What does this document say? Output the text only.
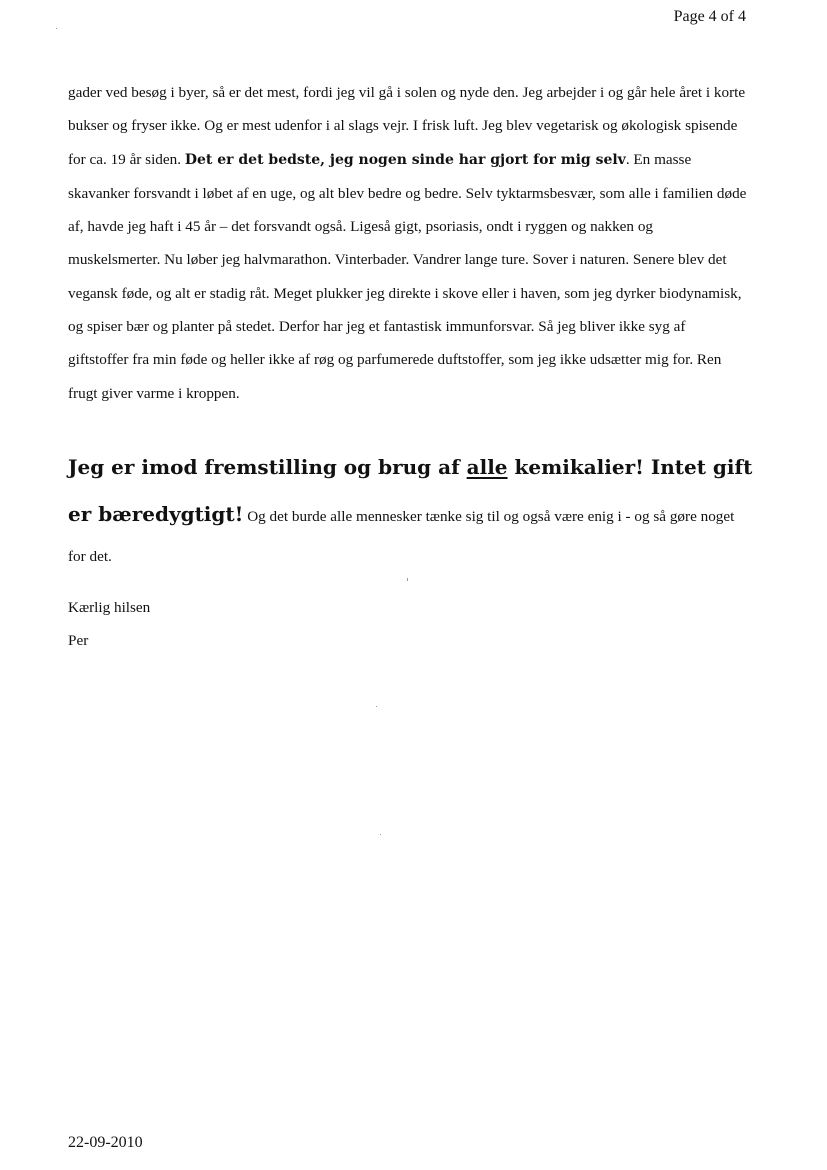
Page 4 of 4

gader ved besøg i byer, så er det mest, fordi jeg vil gå i solen og nyde den. Jeg arbejder i og går hele året i korte bukser og fryser ikke. Og er mest udenfor i al slags vejr. I frisk luft. Jeg blev vegetarisk og økologisk spisende for ca. 19 år siden. Det er det bedste, jeg nogen sinde har gjort for mig selv. En masse skavanker forsvandt i løbet af en uge, og alt blev bedre og bedre. Selv tyktarmsbesvær, som alle i familien døde af, havde jeg haft i 45 år – det forsvandt også. Ligeså gigt, psoriasis, ondt i ryggen og nakken og muskelsmerter. Nu løber jeg halvmarathon. Vinterbader. Vandrer lange ture. Sover i naturen. Senere blev det vegansk føde, og alt er stadig råt. Meget plukker jeg direkte i skove eller i haven, som jeg dyrker biodynamisk, og spiser bær og planter på stedet. Derfor har jeg et fantastisk immunforsvar. Så jeg bliver ikke syg af giftstoffer fra min føde og heller ikke af røg og parfumerede duftstoffer, som jeg ikke udsætter mig for. Ren frugt giver varme i kroppen.

Jeg er imod fremstilling og brug af alle kemikalier! Intet gift er bæredygtigt! Og det burde alle mennesker tænke sig til og også være enig i - og så gøre noget
for det.

Kærlig hilsen
Per
22-09-2010
